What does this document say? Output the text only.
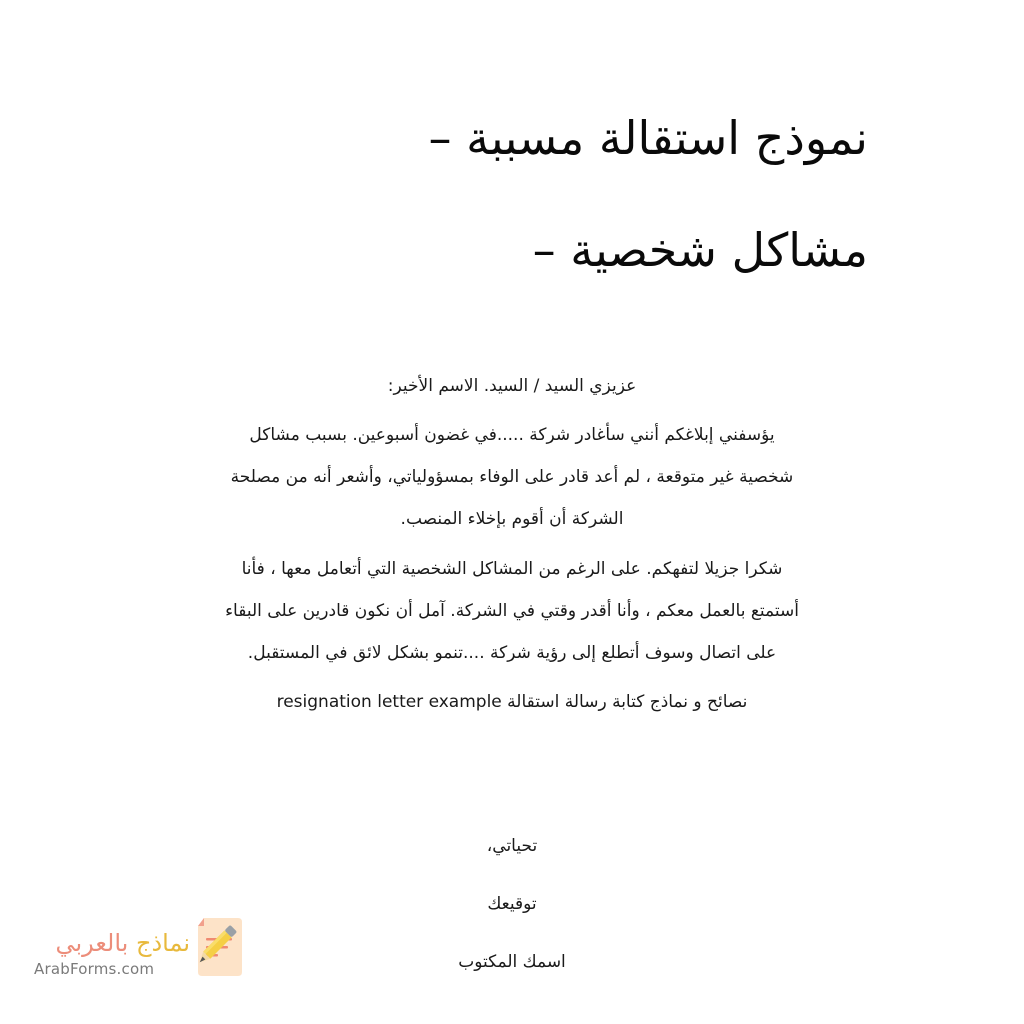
نموذج استقالة مسببة –
مشاكل شخصية –

عزيزي السيد / السيد. الاسم الأخير:

يؤسفني إبلاغكم أنني سأغادر شركة .....في غضون أسبوعين. بسبب مشاكل
شخصية غير متوقعة ، لم أعد قادر على الوفاء بمسؤولياتي، وأشعر أنه من مصلحة
الشركة أن أقوم بإخلاء المنصب.

شكرا جزيلا لتفهكم. على الرغم من المشاكل الشخصية التي أتعامل معها ، فأنا
أستمتع بالعمل معكم ، وأنا أقدر وقتي في الشركة. آمل أن نكون قادرين على البقاء
على اتصال وسوف أتطلع إلى رؤية شركة ....تنمو بشكل لائق في المستقبل.

نصائح و نماذج كتابة رسالة استقالة resignation letter example

تحياتي،
توقيعك
اسمك المكتوب
نماذج بالعربي
ArabForms.com
